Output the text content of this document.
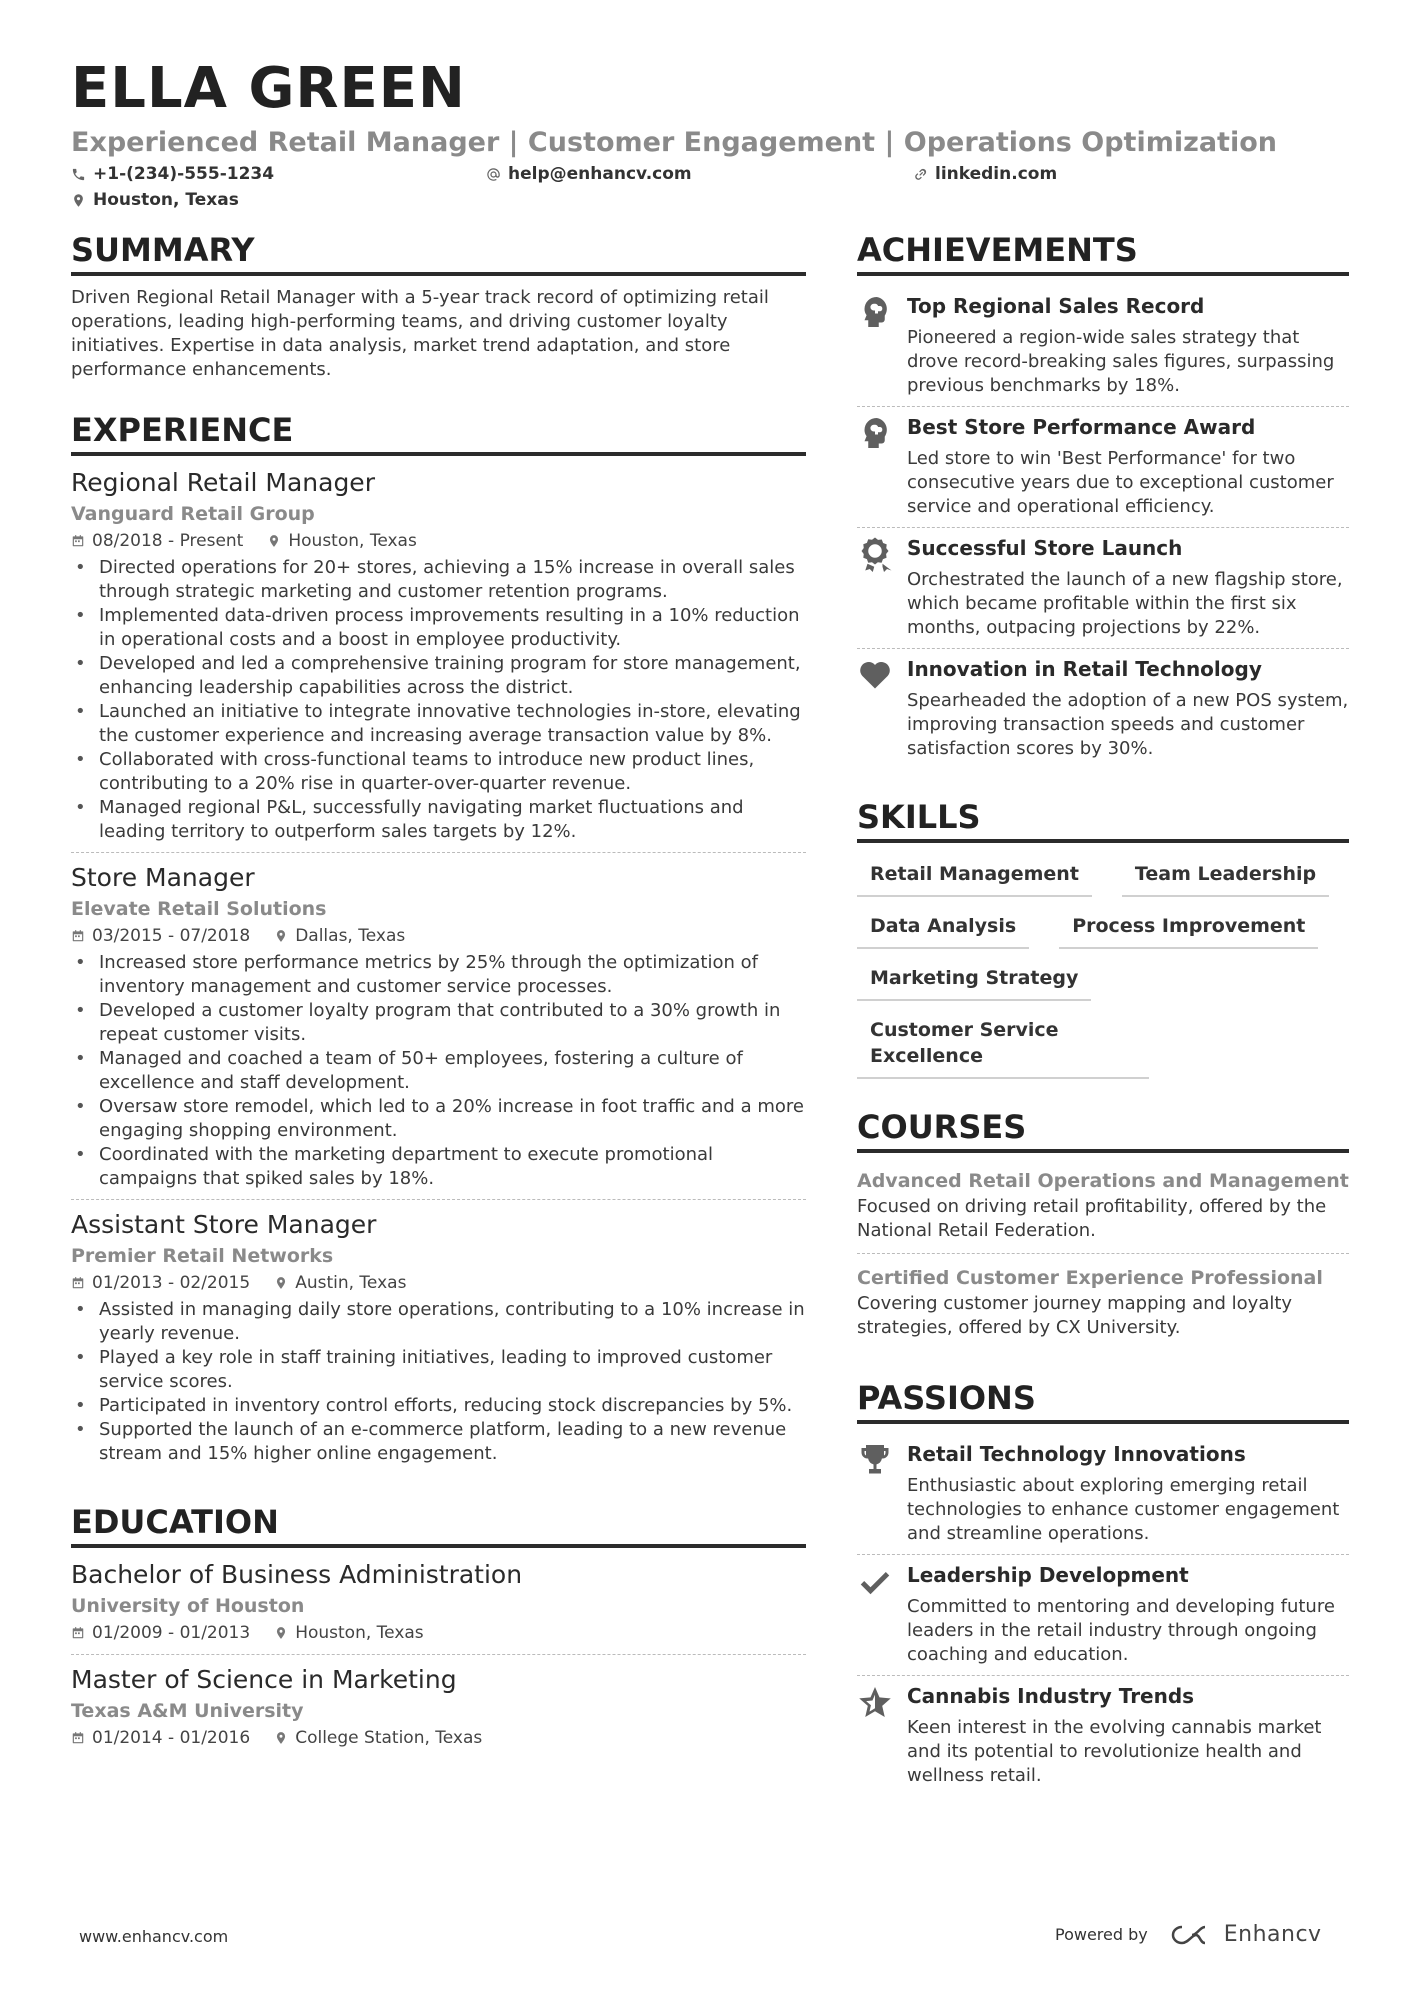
ELLA GREEN
Experienced Retail Manager | Customer Engagement | Operations Optimization
+1-(234)-555-1234	help@enhancv.com	linkedin.com
Houston, Texas
SUMMARY
Driven Regional Retail Manager with a 5-year track record of optimizing retail operations, leading high-performing teams, and driving customer loyalty initiatives. Expertise in data analysis, market trend adaptation, and store performance enhancements.
EXPERIENCE
Regional Retail Manager
Vanguard Retail Group
08/2018 - Present	Houston, Texas
• Directed operations for 20+ stores, achieving a 15% increase in overall sales through strategic marketing and customer retention programs.
• Implemented data-driven process improvements resulting in a 10% reduction in operational costs and a boost in employee productivity.
• Developed and led a comprehensive training program for store management, enhancing leadership capabilities across the district.
• Launched an initiative to integrate innovative technologies in-store, elevating the customer experience and increasing average transaction value by 8%.
• Collaborated with cross-functional teams to introduce new product lines, contributing to a 20% rise in quarter-over-quarter revenue.
• Managed regional P&L, successfully navigating market fluctuations and leading territory to outperform sales targets by 12%.
Store Manager
Elevate Retail Solutions
03/2015 - 07/2018	Dallas, Texas
• Increased store performance metrics by 25% through the optimization of inventory management and customer service processes.
• Developed a customer loyalty program that contributed to a 30% growth in repeat customer visits.
• Managed and coached a team of 50+ employees, fostering a culture of excellence and staff development.
• Oversaw store remodel, which led to a 20% increase in foot traffic and a more engaging shopping environment.
• Coordinated with the marketing department to execute promotional campaigns that spiked sales by 18%.
Assistant Store Manager
Premier Retail Networks
01/2013 - 02/2015	Austin, Texas
• Assisted in managing daily store operations, contributing to a 10% increase in yearly revenue.
• Played a key role in staff training initiatives, leading to improved customer service scores.
• Participated in inventory control efforts, reducing stock discrepancies by 5%.
• Supported the launch of an e-commerce platform, leading to a new revenue stream and 15% higher online engagement.
EDUCATION
Bachelor of Business Administration
University of Houston
01/2009 - 01/2013	Houston, Texas
Master of Science in Marketing
Texas A&M University
01/2014 - 01/2016	College Station, Texas
ACHIEVEMENTS
Top Regional Sales Record
Pioneered a region-wide sales strategy that drove record-breaking sales figures, surpassing previous benchmarks by 18%.
Best Store Performance Award
Led store to win 'Best Performance' for two consecutive years due to exceptional customer service and operational efficiency.
Successful Store Launch
Orchestrated the launch of a new flagship store, which became profitable within the first six months, outpacing projections by 22%.
Innovation in Retail Technology
Spearheaded the adoption of a new POS system, improving transaction speeds and customer satisfaction scores by 30%.
SKILLS
Retail Management	Team Leadership
Data Analysis	Process Improvement
Marketing Strategy
Customer Service Excellence
COURSES
Advanced Retail Operations and Management
Focused on driving retail profitability, offered by the National Retail Federation.
Certified Customer Experience Professional
Covering customer journey mapping and loyalty strategies, offered by CX University.
PASSIONS
Retail Technology Innovations
Enthusiastic about exploring emerging retail technologies to enhance customer engagement and streamline operations.
Leadership Development
Committed to mentoring and developing future leaders in the retail industry through ongoing coaching and education.
Cannabis Industry Trends
Keen interest in the evolving cannabis market and its potential to revolutionize health and wellness retail.
www.enhancv.com	Powered by	Enhancv
